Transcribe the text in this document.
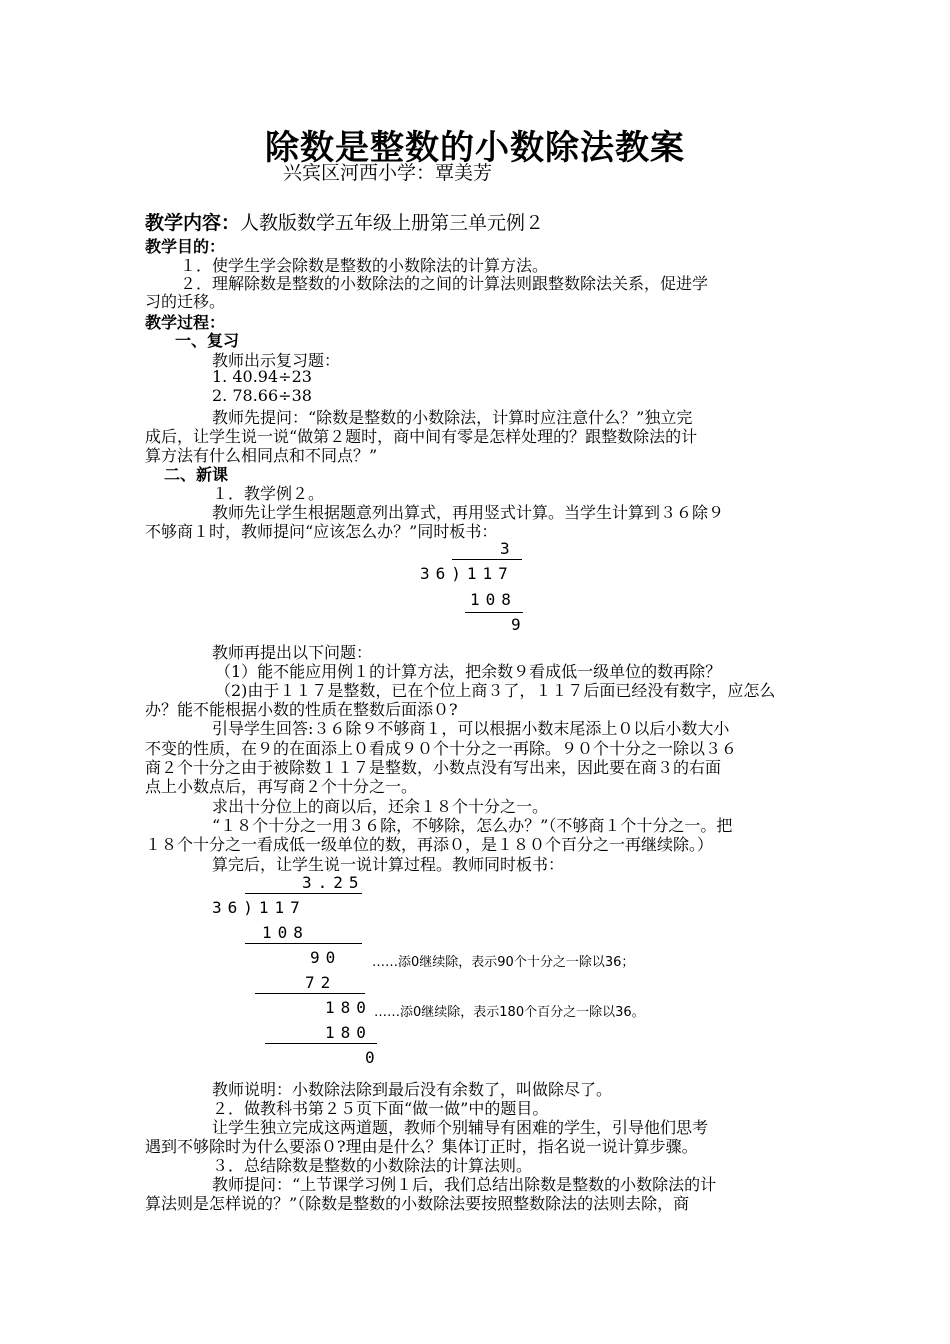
除数是整数的小数除法教案
兴宾区河西小学：覃美芳
教学内容：人教版数学五年级上册第三单元例２
教学目的：
１．使学生学会除数是整数的小数除法的计算方法。
２．理解除数是整数的小数除法的之间的计算法则跟整数除法关系，促进学
习的迁移。
教学过程：
一、复习
教师出示复习题：
1. 40.94÷23
2. 78.66÷38
教师先提问：“除数是整数的小数除法，计算时应注意什么？”独立完
成后，让学生说一说“做第２题时，商中间有零是怎样处理的？跟整数除法的计
算方法有什么相同点和不同点？”
二、新课
１．教学例２。
教师先让学生根据题意列出算式，再用竖式计算。当学生计算到３６除９
不够商１时，教师提问“应该怎么办？”同时板书：
3
36)117
108
9
教师再提出以下问题：
（1）能不能应用例１的计算方法，把余数９看成低一级单位的数再除？
（2)由于１１７是整数，已在个位上商３了，１１７后面已经没有数字，应怎么
办？能不能根据小数的性质在整数后面添０?
引导学生回答:３６除９不够商１，可以根据小数末尾添上０以后小数大小
不变的性质，在９的在面添上０看成９０个十分之一再除。９０个十分之一除以３６
商２个十分之由于被除数１１７是整数，小数点没有写出来，因此要在商３的右面
点上小数点后，再写商２个十分之一。
求出十分位上的商以后，还余１８个十分之一。
“１８个十分之一用３６除，不够除，怎么办？”（不够商１个十分之一。把
１８个十分之一看成低一级单位的数，再添０，是１８０个百分之一再继续除。）
算完后，让学生说一说计算过程。教师同时板书：
3.25
36)117
108
90 ……添0继续除，表示90个十分之一除以36；
72
180 ……添0继续除，表示180个百分之一除以36。
180
0
教师说明：小数除法除到最后没有余数了，叫做除尽了。
２．做教科书第２５页下面“做一做”中的题目。
让学生独立完成这两道题，教师个别辅导有困难的学生，引导他们思考
遇到不够除时为什么要添０?理由是什么？集体订正时，指名说一说计算步骤。
３．总结除数是整数的小数除法的计算法则。
教师提问：“上节课学习例１后，我们总结出除数是整数的小数除法的计
算法则是怎样说的？”（除数是整数的小数除法要按照整数除法的法则去除，商
